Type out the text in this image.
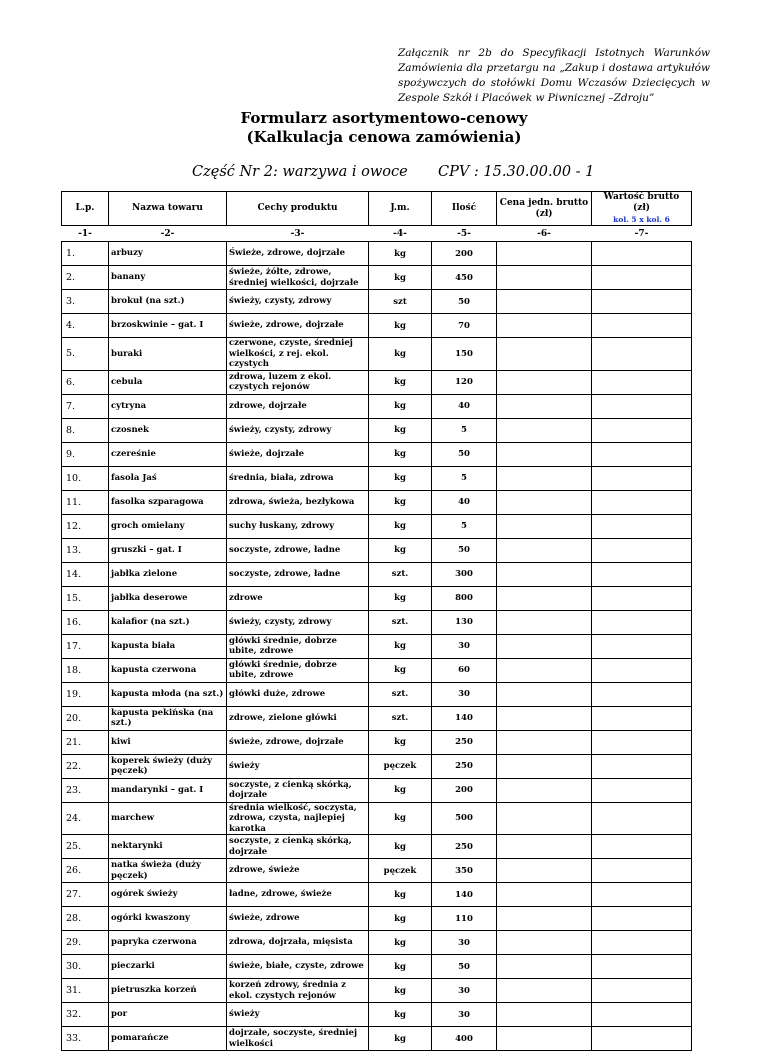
Załącznik nr 2b do Specyfikacji Istotnych Warunków Zamówienia dla przetargu na „Zakup i dostawa artykułów spożywczych do stołówki Domu Wczasów Dziecięcych w Zespole Szkół i Placówek w Piwnicznej –Zdroju”
Formularz asortymentowo-cenowy
(Kalkulacja cenowa zamówienia)
Część Nr 2: warzywa i owoce CPV : 15.30.00.00 - 1
L.p.	Nazwa towaru	Cechy produktu	J.m.	Ilość	Cena jedn. brutto (zł)	Wartość brutto (zł)
kol. 5 x kol. 6

-1-	-2-	-3-	-4-	-5-	-6-	-7-
1.	arbuzy	Świeże, zdrowe, dojrzałe	kg	200		
2.	banany	świeże, żółte, zdrowe, średniej wielkości, dojrzałe	kg	450		
3.	brokuł (na szt.)	świeży, czysty, zdrowy	szt	50		
4.	brzoskwinie – gat. I	świeże, zdrowe, dojrzałe	kg	70		
5.	buraki	czerwone, czyste, średniej wielkości, z rej. ekol. czystych	kg	150		
6.	cebula	zdrowa, luzem z ekol. czystych rejonów	kg	120		
7.	cytryna	zdrowe, dojrzałe	kg	40		
8.	czosnek	świeży, czysty, zdrowy	kg	5		
9.	czereśnie	świeże, dojrzałe	kg	50		
10.	fasola Jaś	średnia, biała, zdrowa	kg	5		
11.	fasolka szparagowa	zdrowa, świeża, bezłykowa	kg	40		
12.	groch omielany	suchy łuskany, zdrowy	kg	5		
13.	gruszki – gat. I	soczyste, zdrowe, ładne	kg	50		
14.	jabłka zielone	soczyste, zdrowe, ładne	szt.	300		
15.	jabłka deserowe	zdrowe	kg	800		
16.	kalafior (na szt.)	świeży, czysty, zdrowy	szt.	130		
17.	kapusta biała	główki średnie, dobrze ubite, zdrowe	kg	30		
18.	kapusta czerwona	główki średnie, dobrze ubite, zdrowe	kg	60		
19.	kapusta młoda (na szt.)	główki duże, zdrowe	szt.	30		
20.	kapusta pekińska (na szt.)	zdrowe, zielone główki	szt.	140		
21.	kiwi	świeże, zdrowe, dojrzałe	kg	250		
22.	koperek świeży (duży pęczek)	świeży	pęczek	250		
23.	mandarynki – gat. I	soczyste, z cienką skórką, dojrzałe	kg	200		
24.	marchew	średnia wielkość, soczysta, zdrowa, czysta, najlepiej karotka	kg	500		
25.	nektarynki	soczyste, z cienką skórką, dojrzałe	kg	250		
26.	natka świeża (duży pęczek)	zdrowe, świeże	pęczek	350		
27.	ogórek świeży	ładne, zdrowe, świeże	kg	140		
28.	ogórki kwaszony	świeże, zdrowe	kg	110		
29.	papryka czerwona	zdrowa, dojrzała, mięsista	kg	30		
30.	pieczarki	świeże, białe, czyste, zdrowe	kg	50		
31.	pietruszka korzeń	korzeń zdrowy, średnia z ekol. czystych rejonów	kg	30		
32.	por	świeży	kg	30		
33.	pomarańcze	dojrzałe, soczyste, średniej wielkości	kg	400		
